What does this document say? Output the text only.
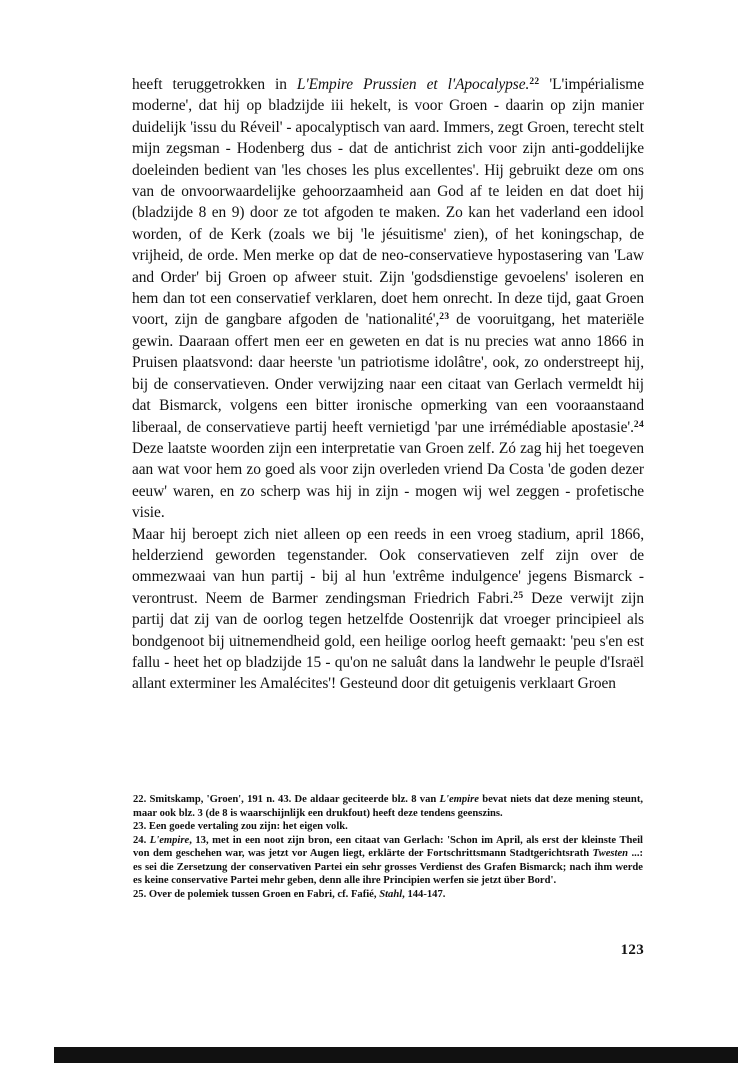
heeft teruggetrokken in L'Empire Prussien et l'Apocalypse.$^{22}$ 'L'impérialisme moderne', dat hij op bladzijde iii hekelt, is voor Groen - daarin op zijn manier duidelijk 'issu du Réveil' - apocalyptisch van aard. Immers, zegt Groen, terecht stelt mijn zegsman - Hodenberg dus - dat de antichrist zich voor zijn anti-goddelijke doeleinden bedient van 'les choses les plus excellentes'. Hij gebruikt deze om ons van de onvoorwaardelijke gehoorzaamheid aan God af te leiden en dat doet hij (bladzijde 8 en 9) door ze tot afgoden te maken. Zo kan het vaderland een idool worden, of de Kerk (zoals we bij 'le jésuitisme' zien), of het koningschap, de vrijheid, de orde. Men merke op dat de neo-conservatieve hypostasering van 'Law and Order' bij Groen op afweer stuit. Zijn 'godsdienstige gevoelens' isoleren en hem dan tot een conservatief verklaren, doet hem onrecht. In deze tijd, gaat Groen voort, zijn de gangbare afgoden de 'nationalité',$^{23}$ de vooruitgang, het materiële gewin. Daaraan offert men eer en geweten en dat is nu precies wat anno 1866 in Pruisen plaatsvond: daar heerste 'un patriotisme idolâtre', ook, zo onderstreept hij, bij de conservatieven. Onder verwijzing naar een citaat van Gerlach vermeldt hij dat Bismarck, volgens een bitter ironische opmerking van een vooraanstaand liberaal, de conservatieve partij heeft vernietigd 'par une irrémédiable apostasie'.$^{24}$ Deze laatste woorden zijn een interpretatie van Groen zelf. Zó zag hij het toegeven aan wat voor hem zo goed als voor zijn overleden vriend Da Costa 'de goden dezer eeuw' waren, en zo scherp was hij in zijn - mogen wij wel zeggen - profetische visie.

Maar hij beroept zich niet alleen op een reeds in een vroeg stadium, april 1866, helderziend geworden tegenstander. Ook conservatieven zelf zijn over de ommezwaai van hun partij - bij al hun 'extrême indulgence' jegens Bismarck - verontrust. Neem de Barmer zendingsman Friedrich Fabri.$^{25}$ Deze verwijt zijn partij dat zij van de oorlog tegen hetzelfde Oostenrijk dat vroeger principieel als bondgenoot bij uitnemendheid gold, een heilige oorlog heeft gemaakt: 'peu s'en est fallu - heet het op bladzijde 15 - qu'on ne saluât dans la landwehr le peuple d'Israël allant exterminer les Amalécites'! Gesteund door dit getuigenis verklaart Groen

22. Smitskamp, 'Groen', 191 n. 43. De aldaar geciteerde blz. 8 van L'empire bevat niets dat deze mening steunt, maar ook blz. 3 (de 8 is waarschijnlijk een drukfout) heeft deze tendens geenszins.

23. Een goede vertaling zou zijn: het eigen volk.

24. L'empire, 13, met in een noot zijn bron, een citaat van Gerlach: 'Schon im April, als erst der kleinste Theil von dem geschehen war, was jetzt vor Augen liegt, erklärte der Fortschrittsmann Stadtgerichtsrath Twesten ...: es sei die Zersetzung der conservativen Partei ein sehr grosses Verdienst des Grafen Bismarck; nach ihm werde es keine conservative Partei mehr geben, denn alle ihre Principien werfen sie jetzt über Bord'.

25. Over de polemiek tussen Groen en Fabri, cf. Fafié, Stahl, 144-147.

123
